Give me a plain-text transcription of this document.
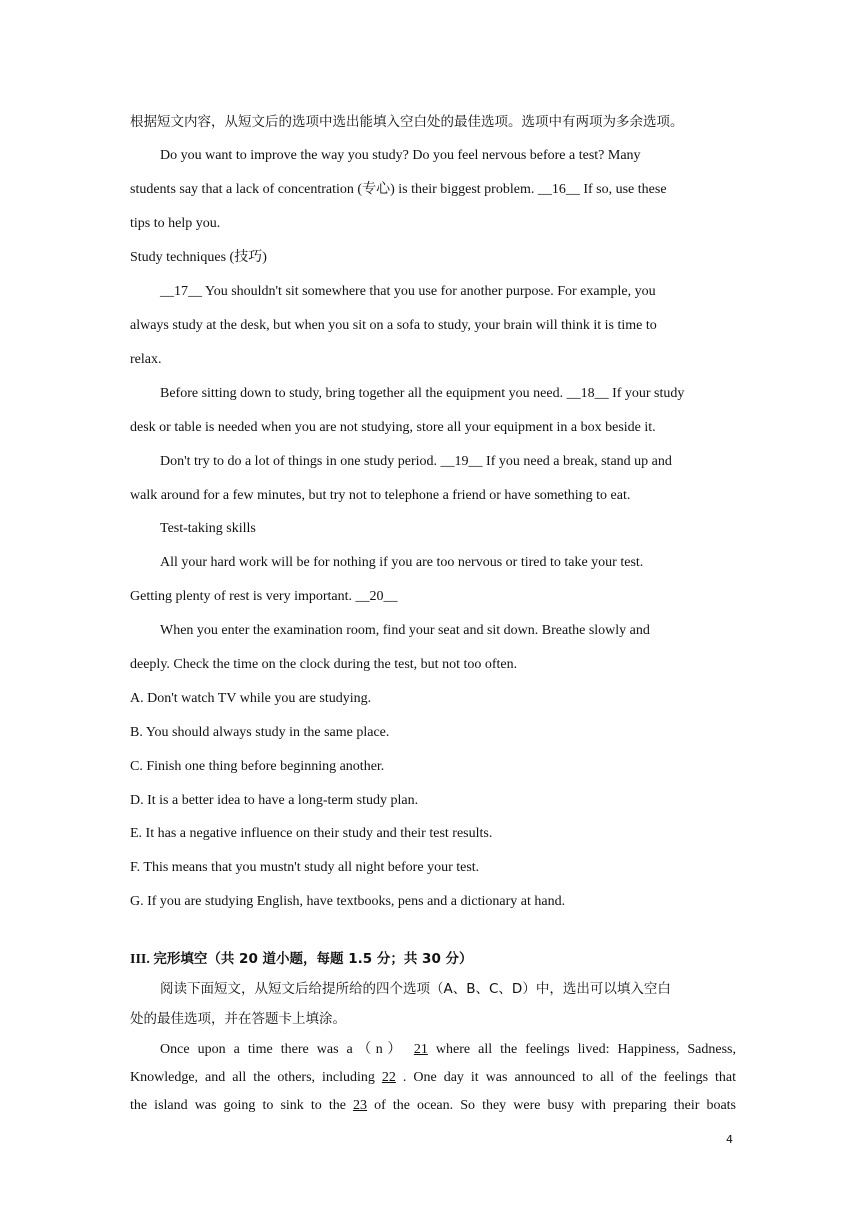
根据短文内容，从短文后的选项中选出能填入空白处的最佳选项。选项中有两项为多余选项。
Do you want to improve the way you study? Do you feel nervous before a test? Many
students say that a lack of concentration (专心) is their biggest problem. __16__ If so, use these
tips to help you.
Study techniques (技巧)
__17__ You shouldn't sit somewhere that you use for another purpose. For example, you
always study at the desk, but when you sit on a sofa to study, your brain will think it is time to
relax.
Before sitting down to study, bring together all the equipment you need. __18__ If your study
desk or table is needed when you are not studying, store all your equipment in a box beside it.
Don't try to do a lot of things in one study period. __19__ If you need a break, stand up and
walk around for a few minutes, but try not to telephone a friend or have something to eat.
Test-taking skills
All your hard work will be for nothing if you are too nervous or tired to take your test.
Getting plenty of rest is very important. __20__
When you enter the examination room, find your seat and sit down. Breathe slowly and
deeply. Check the time on the clock during the test, but not too often.
A. Don't watch TV while you are studying.
B. You should always study in the same place.
C. Finish one thing before beginning another.
D. It is a better idea to have a long-term study plan.
E. It has a negative influence on their study and their test results.
F. This means that you mustn't study all night before your test.
G. If you are studying English, have textbooks, pens and a dictionary at hand.
III. 完形填空（共 20 道小题，每题 1.5 分；共 30 分）
阅读下面短文，从短文后给提所给的四个选项（A、B、C、D）中，选出可以填入空白
处的最佳选项，并在答题卡上填涂。
Once upon a time there was a（n） 21 where all the feelings lived: Happiness, Sadness,
Knowledge, and all the others, including 22 . One day it was announced to all of the feelings that
the island was going to sink to the 23 of the ocean. So they were busy with preparing their boats
4
